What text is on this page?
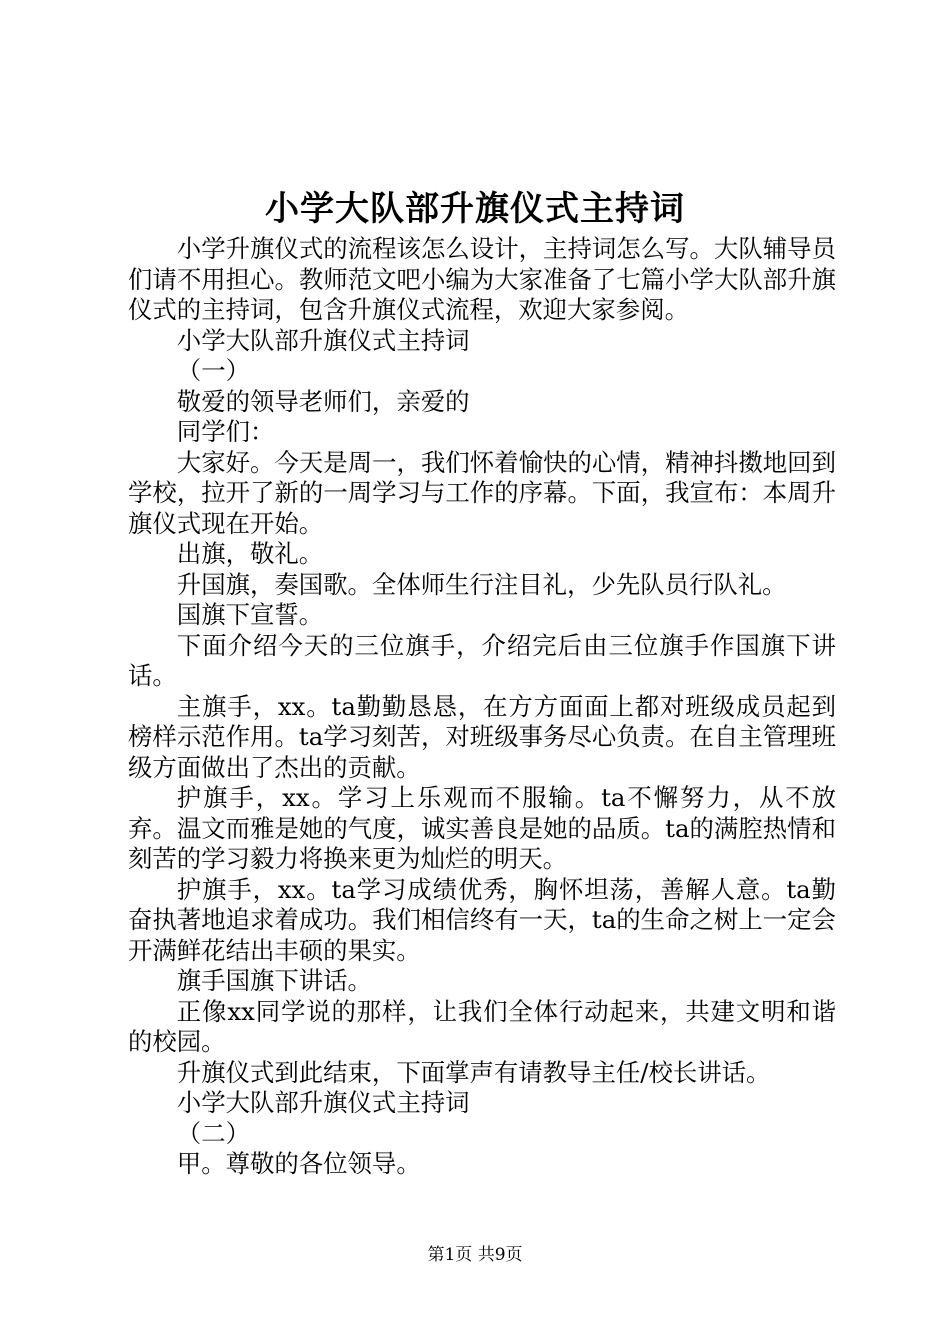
小学大队部升旗仪式主持词

小学升旗仪式的流程该怎么设计，主持词怎么写。大队辅导员们请不用担心。教师范文吧小编为大家准备了七篇小学大队部升旗仪式的主持词，包含升旗仪式流程，欢迎大家参阅。

小学大队部升旗仪式主持词

（一）

敬爱的领导老师们，亲爱的

同学们：

大家好。今天是周一，我们怀着愉快的心情，精神抖擞地回到学校，拉开了新的一周学习与工作的序幕。下面，我宣布：本周升旗仪式现在开始。

出旗，敬礼。

升国旗，奏国歌。全体师生行注目礼，少先队员行队礼。

国旗下宣誓。

下面介绍今天的三位旗手，介绍完后由三位旗手作国旗下讲话。

主旗手，xx。ta勤勤恳恳，在方方面面上都对班级成员起到榜样示范作用。ta学习刻苦，对班级事务尽心负责。在自主管理班级方面做出了杰出的贡献。

护旗手，xx。学习上乐观而不服输。ta不懈努力，从不放弃。温文而雅是她的气度，诚实善良是她的品质。ta的满腔热情和刻苦的学习毅力将换来更为灿烂的明天。

护旗手，xx。ta学习成绩优秀，胸怀坦荡，善解人意。ta勤奋执著地追求着成功。我们相信终有一天，ta的生命之树上一定会开满鲜花结出丰硕的果实。

旗手国旗下讲话。

正像xx同学说的那样，让我们全体行动起来，共建文明和谐的校园。

升旗仪式到此结束，下面掌声有请教导主任/校长讲话。

小学大队部升旗仪式主持词

（二）

甲。尊敬的各位领导。

第1页 共9页
